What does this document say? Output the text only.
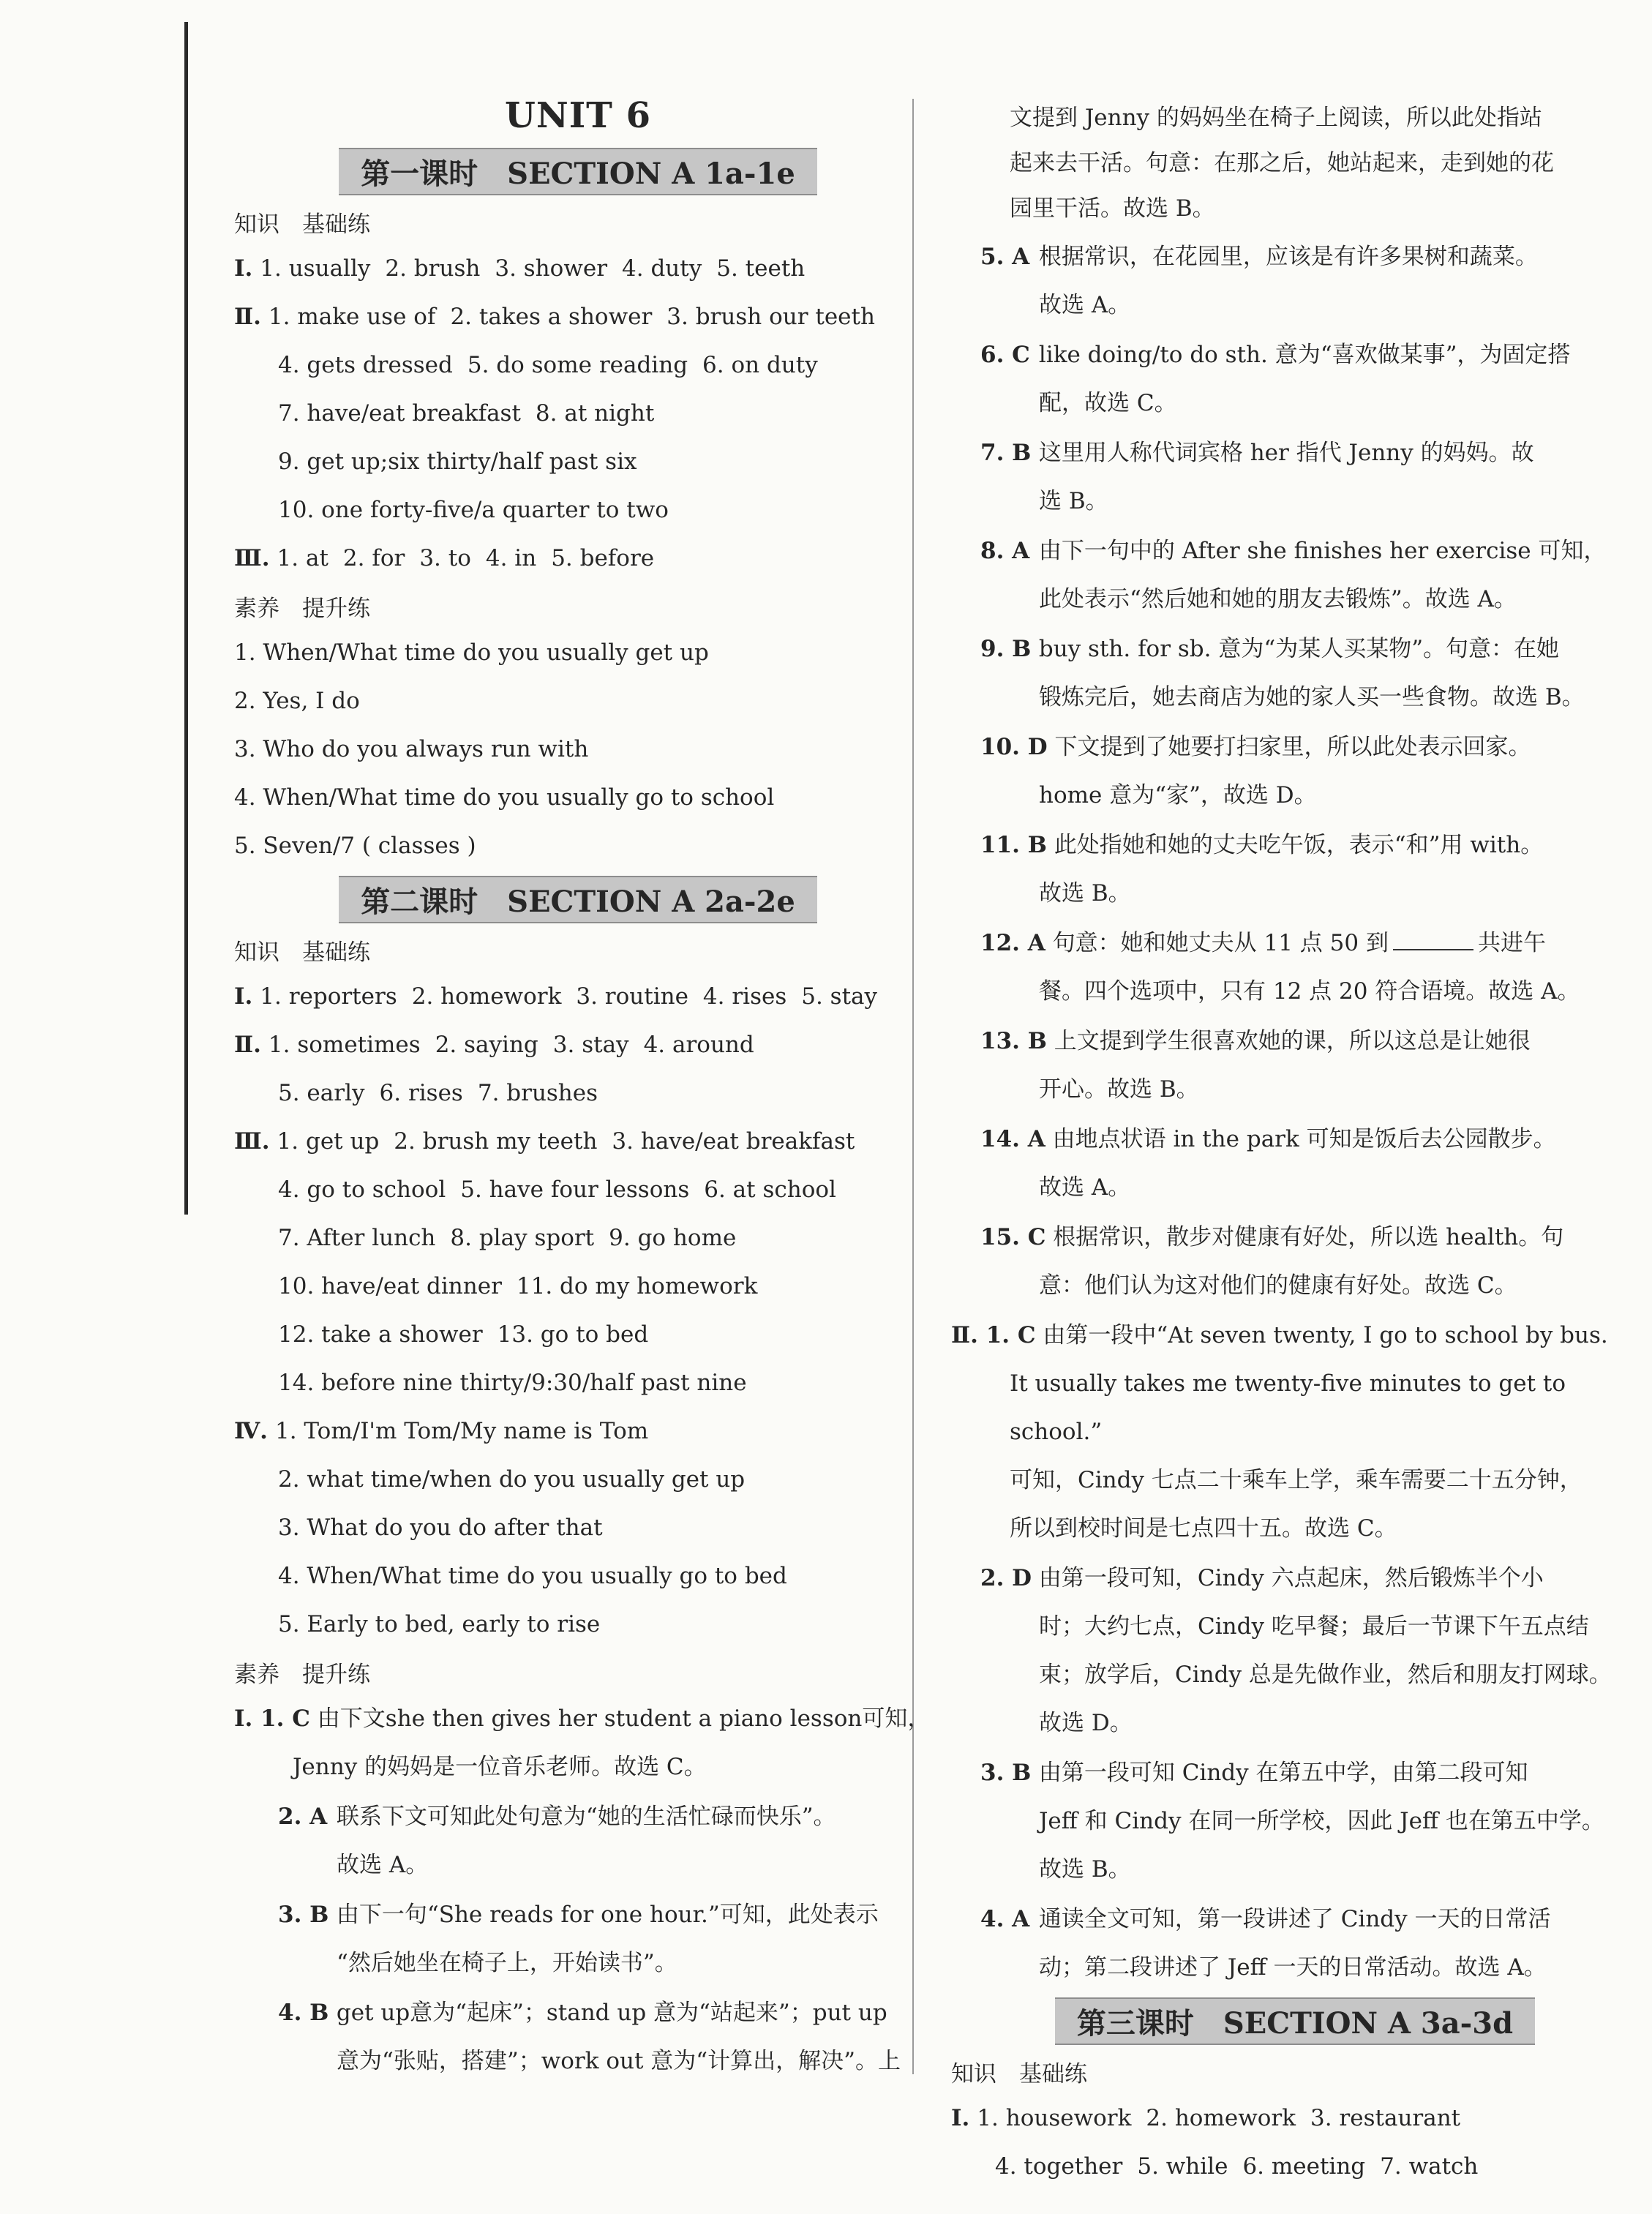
UNIT 6
第一课时　SECTION A 1a-1e
知识　基础练
Ⅰ. 1. usually 2. brush 3. shower 4. duty 5. teeth
Ⅱ. 1. make use of 2. takes a shower 3. brush our teeth
4. gets dressed 5. do some reading 6. on duty
7. have/eat breakfast 8. at night
9. get up;six thirty/half past six
10. one forty-five/a quarter to two
Ⅲ. 1. at 2. for 3. to 4. in 5. before
素养　提升练
1. When/What time do you usually get up
2. Yes, I do
3. Who do you always run with
4. When/What time do you usually go to school
5. Seven/7 ( classes )
第二课时　SECTION A 2a-2e
知识　基础练
Ⅰ. 1. reporters 2. homework 3. routine 4. rises 5. stay
Ⅱ. 1. sometimes 2. saying 3. stay 4. around
5. early 6. rises 7. brushes
Ⅲ. 1. get up 2. brush my teeth 3. have/eat breakfast
4. go to school 5. have four lessons 6. at school
7. After lunch 8. play sport 9. go home
10. have/eat dinner 11. do my homework
12. take a shower 13. go to bed
14. before nine thirty/9:30/half past nine
Ⅳ. 1. Tom/I'm Tom/My name is Tom
2. what time/when do you usually get up
3. What do you do after that
4. When/What time do you usually go to bed
5. Early to bed, early to rise
素养　提升练
Ⅰ. 1. C 由下文she then gives her student a piano lesson可知，
Jenny 的妈妈是一位音乐老师。故选 C。
2. A 联系下文可知此处句意为“她的生活忙碌而快乐”。
故选 A。
3. B 由下一句“She reads for one hour.”可知，此处表示
“然后她坐在椅子上，开始读书”。
4. B get up意为“起床”；stand up 意为“站起来”；put up
意为“张贴，搭建”；work out 意为“计算出，解决”。上
文提到 Jenny 的妈妈坐在椅子上阅读，所以此处指站
起来去干活。句意：在那之后，她站起来，走到她的花
园里干活。故选 B。
5. A 根据常识，在花园里，应该是有许多果树和蔬菜。
故选 A。
6. C like doing/to do sth. 意为“喜欢做某事”，为固定搭
配，故选 C。
7. B 这里用人称代词宾格 her 指代 Jenny 的妈妈。故
选 B。
8. A 由下一句中的 After she finishes her exercise 可知，
此处表示“然后她和她的朋友去锻炼”。故选 A。
9. B buy sth. for sb. 意为“为某人买某物”。句意：在她
锻炼完后，她去商店为她的家人买一些食物。故选 B。
10. D 下文提到了她要打扫家里，所以此处表示回家。
home 意为“家”，故选 D。
11. B 此处指她和她的丈夫吃午饭，表示“和”用 with。
故选 B。
12. A 句意：她和她丈夫从 11 点 50 到	共进午
餐。四个选项中，只有 12 点 20 符合语境。故选 A。
13. B 上文提到学生很喜欢她的课，所以这总是让她很
开心。故选 B。
14. A 由地点状语 in the park 可知是饭后去公园散步。
故选 A。
15. C 根据常识，散步对健康有好处，所以选 health。句
意：他们认为这对他们的健康有好处。故选 C。
Ⅱ. 1. C 由第一段中“At seven twenty, I go to school by bus.
It usually takes me twenty-five minutes to get to school.”
可知，Cindy 七点二十乘车上学，乘车需要二十五分钟，
所以到校时间是七点四十五。故选 C。
2. D 由第一段可知，Cindy 六点起床，然后锻炼半个小
时；大约七点，Cindy 吃早餐；最后一节课下午五点结
束；放学后，Cindy 总是先做作业，然后和朋友打网球。
故选 D。
3. B 由第一段可知 Cindy 在第五中学，由第二段可知
Jeff 和 Cindy 在同一所学校，因此 Jeff 也在第五中学。
故选 B。
4. A 通读全文可知，第一段讲述了 Cindy 一天的日常活
动；第二段讲述了 Jeff 一天的日常活动。故选 A。
第三课时　SECTION A 3a-3d
知识　基础练
Ⅰ. 1. housework 2. homework 3. restaurant
4. together 5. while 6. meeting 7. watch
